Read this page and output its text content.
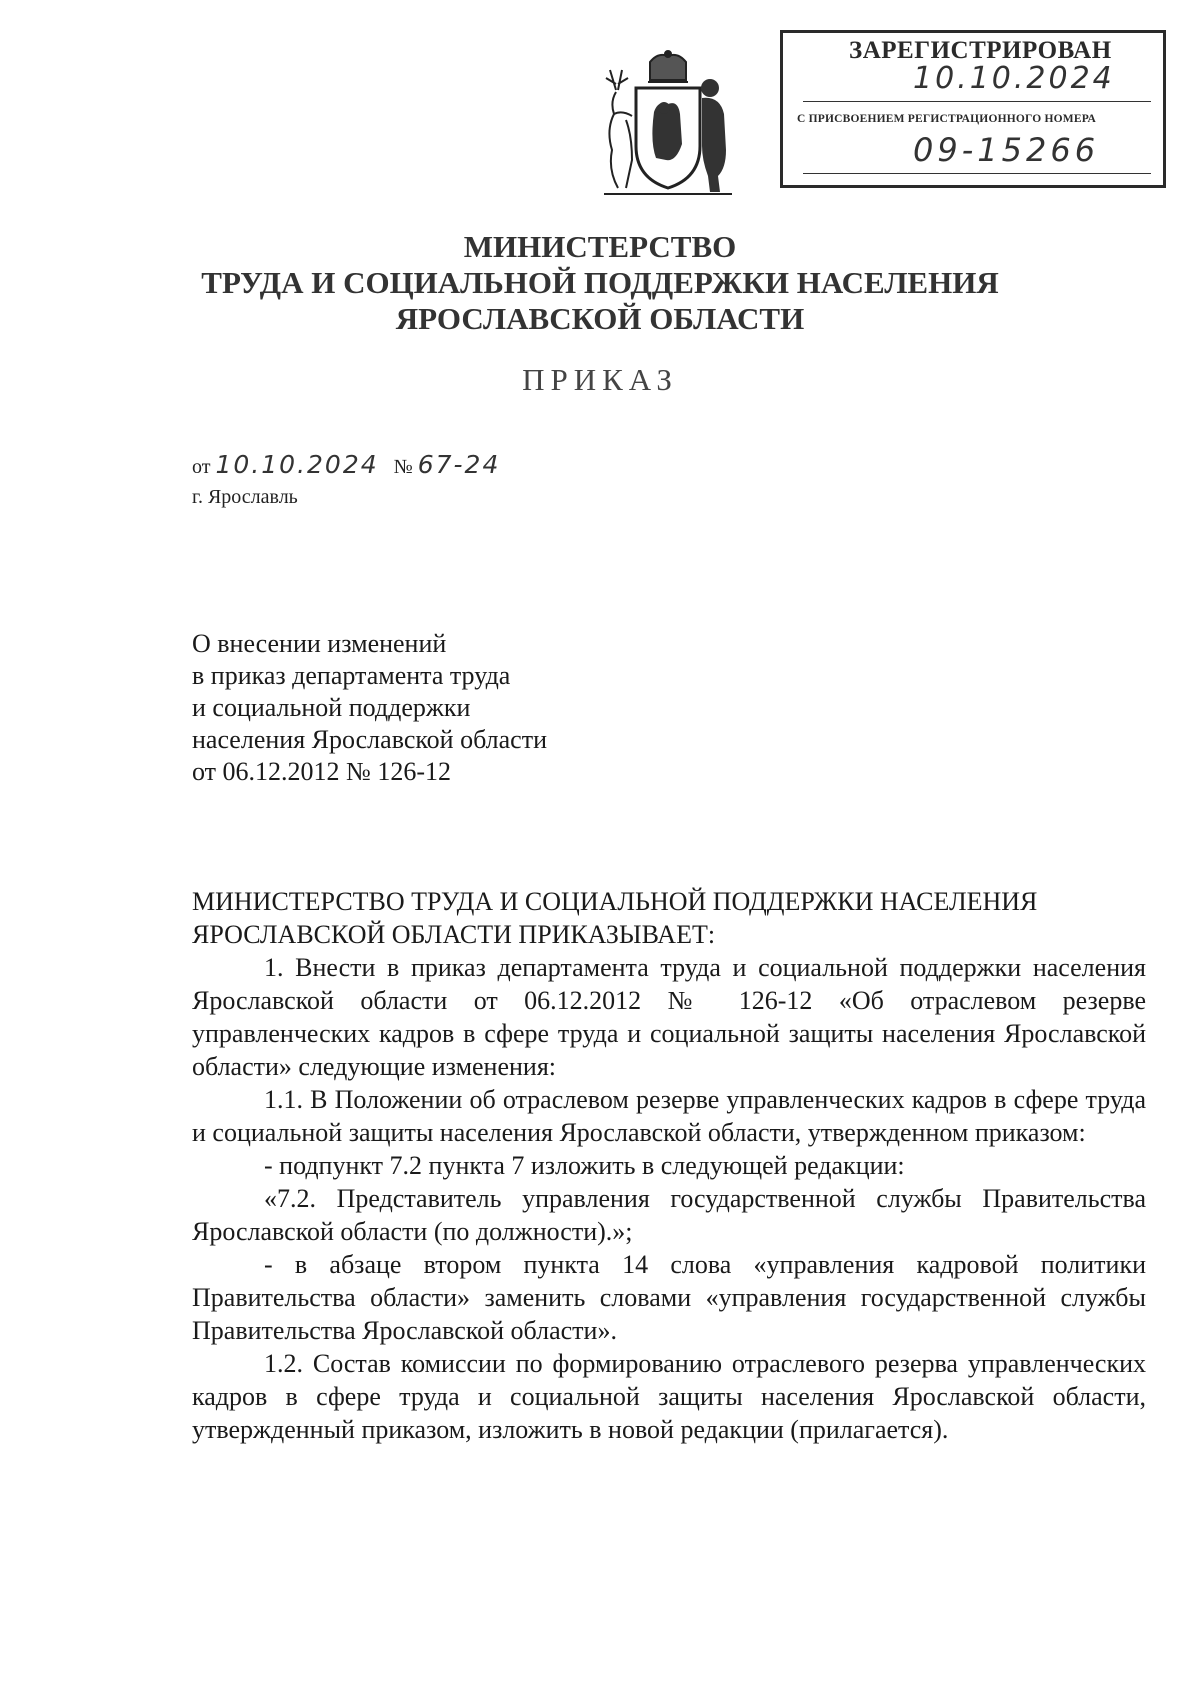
ЗАРЕГИСТРИРОВАН
10.10.2024
С ПРИСВОЕНИЕМ РЕГИСТРАЦИОННОГО НОМЕРА
09-15266
МИНИСТЕРСТВО
ТРУДА И СОЦИАЛЬНОЙ ПОДДЕРЖКИ НАСЕЛЕНИЯ
ЯРОСЛАВСКОЙ ОБЛАСТИ
ПРИКАЗ
от 10.10.2024 № 67-24
г. Ярославль
О внесении изменений
в приказ департамента труда
и социальной поддержки
населения Ярославской области
от 06.12.2012 № 126-12

МИНИСТЕРСТВО ТРУДА И СОЦИАЛЬНОЙ ПОДДЕРЖКИ НАСЕЛЕНИЯ ЯРОСЛАВСКОЙ ОБЛАСТИ ПРИКАЗЫВАЕТ:

1. Внести в приказ департамента труда и социальной поддержки населения Ярославской области от 06.12.2012 № 126-12 «Об отраслевом резерве управленческих кадров в сфере труда и социальной защиты населения Ярославской области» следующие изменения:

1.1. В Положении об отраслевом резерве управленческих кадров в сфере труда и социальной защиты населения Ярославской области, утвержденном приказом:

- подпункт 7.2 пункта 7 изложить в следующей редакции:

«7.2. Представитель управления государственной службы Правительства Ярославской области (по должности).»;

- в абзаце втором пункта 14 слова «управления кадровой политики Правительства области» заменить словами «управления государственной службы Правительства Ярославской области».

1.2. Состав комиссии по формированию отраслевого резерва управленческих кадров в сфере труда и социальной защиты населения Ярославской области, утвержденный приказом, изложить в новой редакции (прилагается).
